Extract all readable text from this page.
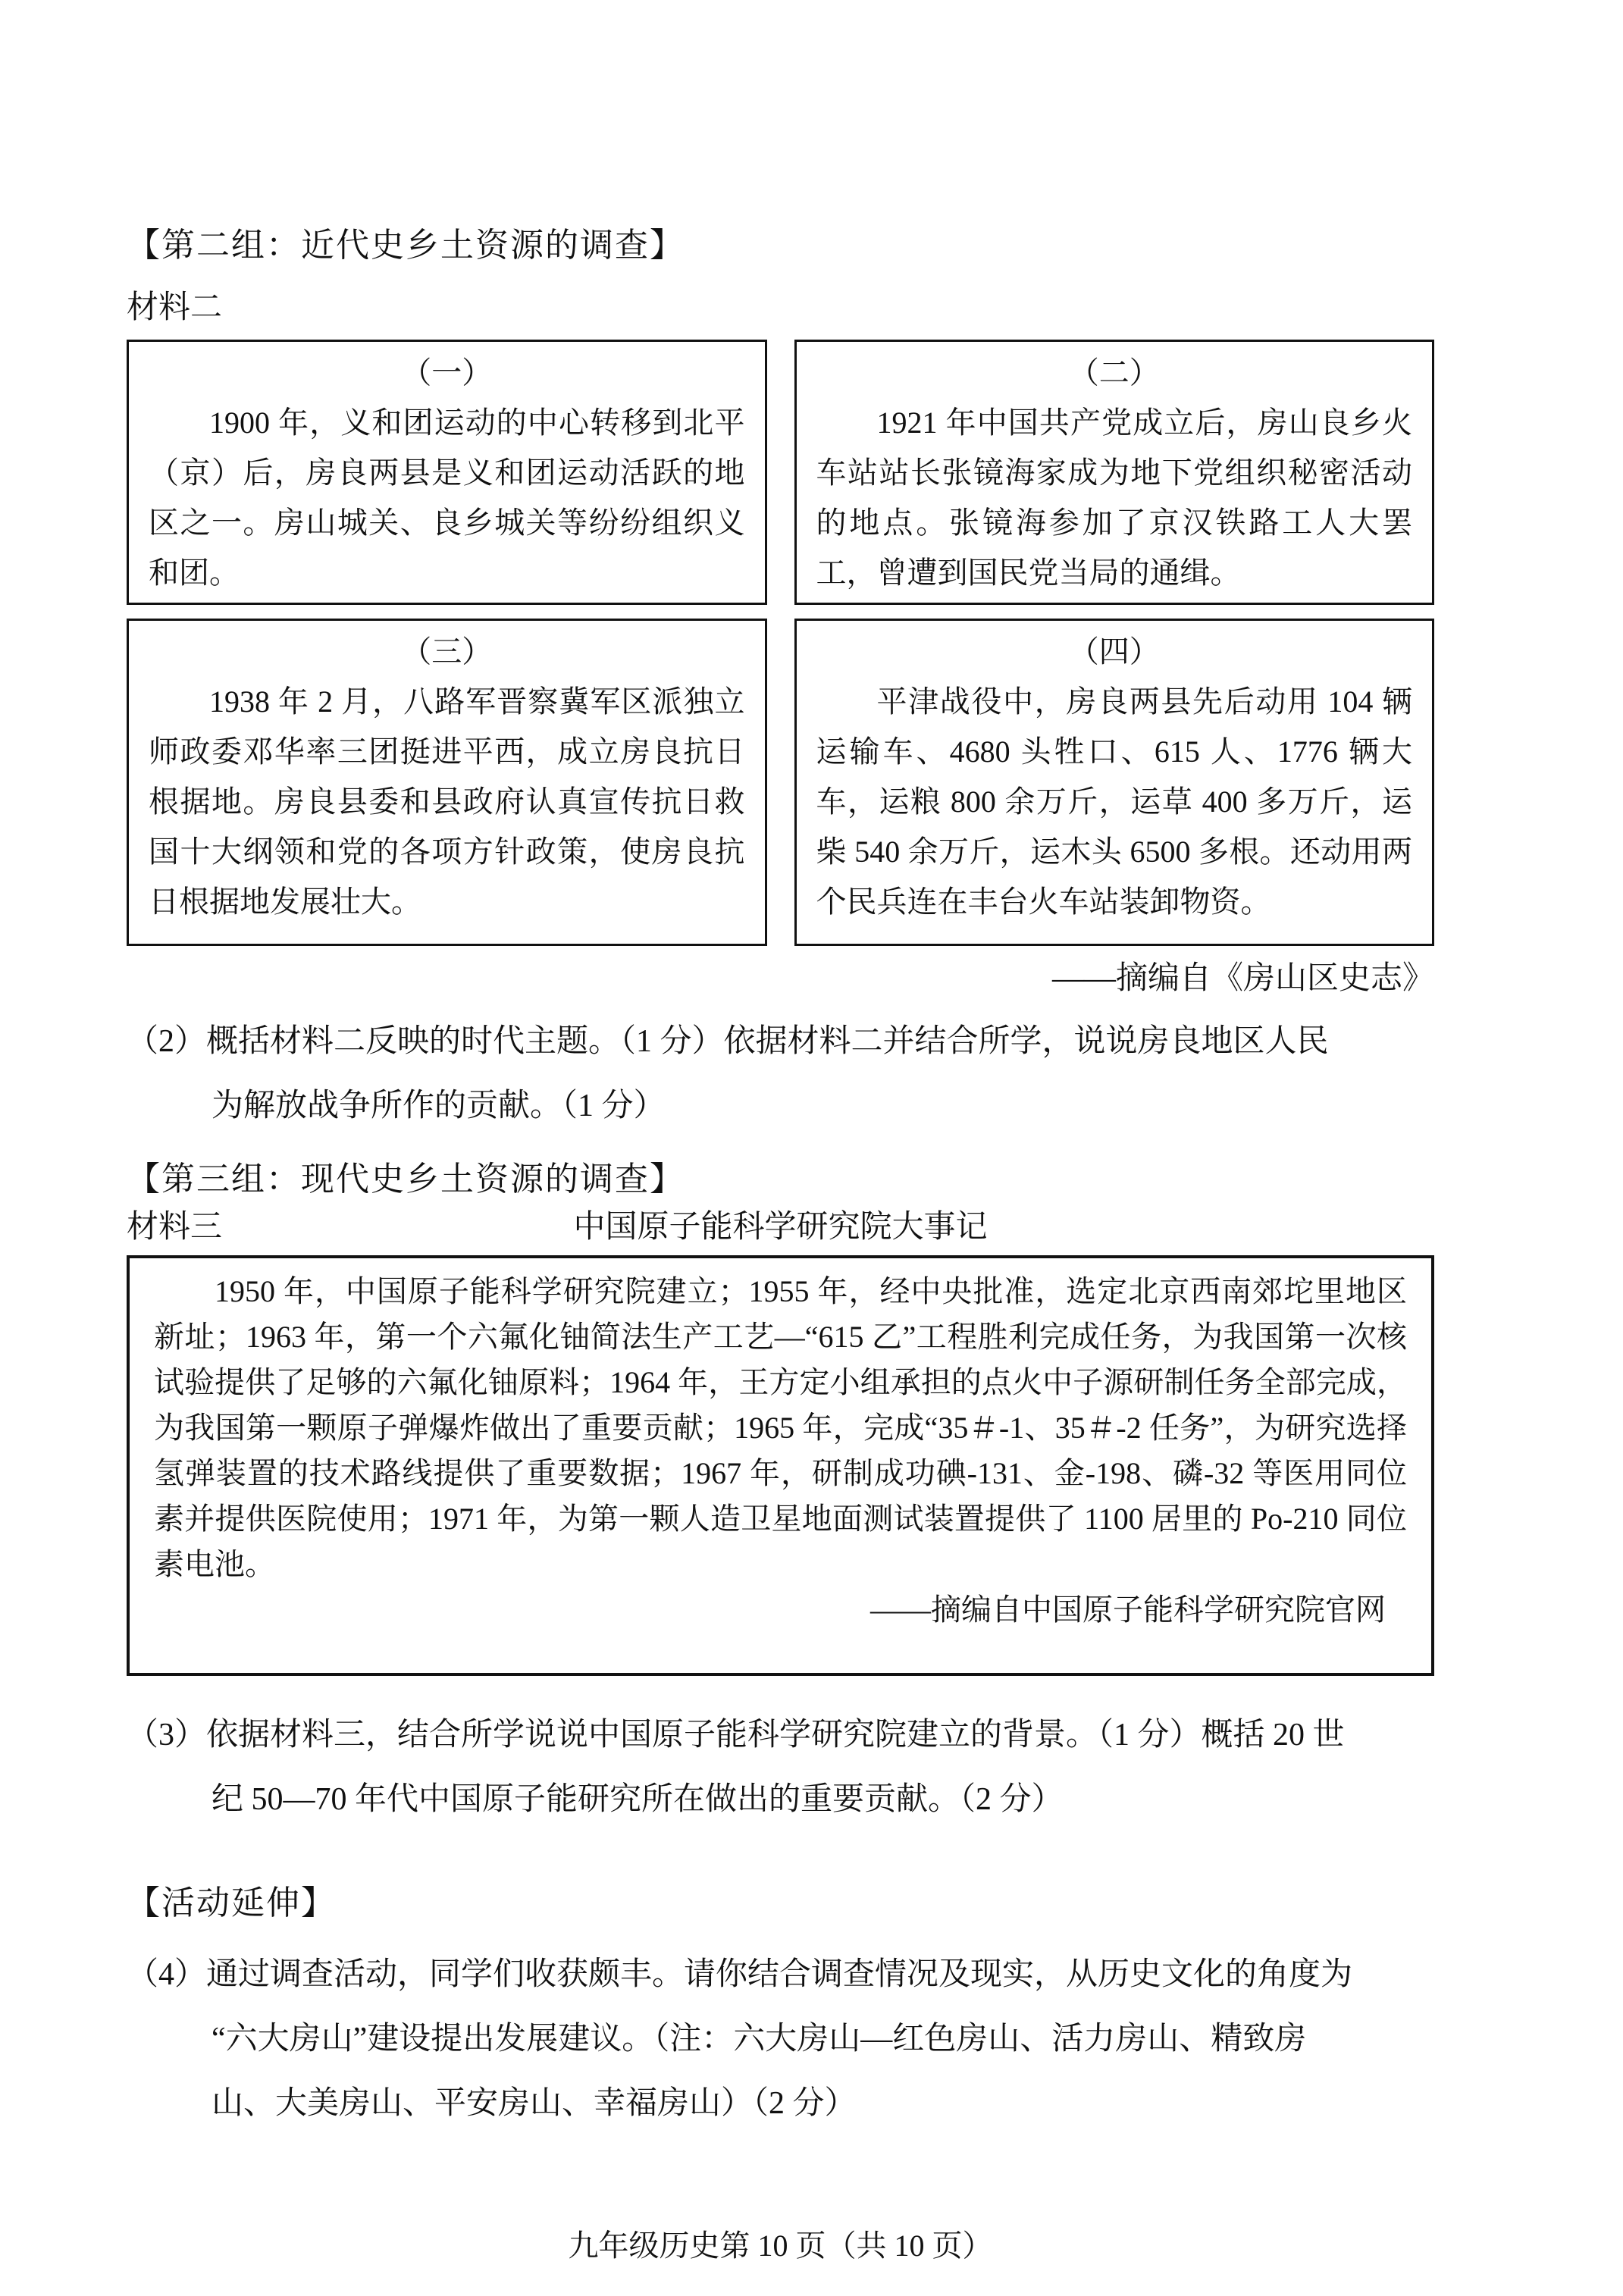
【第二组：近代史乡土资源的调查】
材料二
（一）
1900 年，义和团运动的中心转移到北平（京）后，房良两县是义和团运动活跃的地区之一。房山城关、良乡城关等纷纷组织义和团。
（二）
1921 年中国共产党成立后，房山良乡火车站站长张镜海家成为地下党组织秘密活动的地点。张镜海参加了京汉铁路工人大罢工，曾遭到国民党当局的通缉。
（三）
1938 年 2 月，八路军晋察冀军区派独立师政委邓华率三团挺进平西，成立房良抗日根据地。房良县委和县政府认真宣传抗日救国十大纲领和党的各项方针政策，使房良抗日根据地发展壮大。
（四）
平津战役中，房良两县先后动用 104 辆运输车、4680 头牲口、615 人、1776 辆大车，运粮 800 余万斤，运草 400 多万斤，运柴 540 余万斤，运木头 6500 多根。还动用两个民兵连在丰台火车站装卸物资。
——摘编自《房山区史志》
（2）概括材料二反映的时代主题。（1 分）依据材料二并结合所学，说说房良地区人民
为解放战争所作的贡献。（1 分）
【第三组：现代史乡土资源的调查】
材料三	中国原子能科学研究院大事记
1950 年，中国原子能科学研究院建立；1955 年，经中央批准，选定北京西南郊坨里地区新址；1963 年，第一个六氟化铀简法生产工艺—“615 乙”工程胜利完成任务，为我国第一次核试验提供了足够的六氟化铀原料；1964 年，王方定小组承担的点火中子源研制任务全部完成，为我国第一颗原子弹爆炸做出了重要贡献；1965 年，完成“35＃-1、35＃-2 任务”，为研究选择氢弹装置的技术路线提供了重要数据；1967 年，研制成功碘-131、金-198、磷-32 等医用同位素并提供医院使用；1971 年，为第一颗人造卫星地面测试装置提供了 1100 居里的 Po-210 同位素电池。
——摘编自中国原子能科学研究院官网
（3）依据材料三，结合所学说说中国原子能科学研究院建立的背景。（1 分）概括 20 世
纪 50—70 年代中国原子能研究所在做出的重要贡献。（2 分）
【活动延伸】
（4）通过调查活动，同学们收获颇丰。请你结合调查情况及现实，从历史文化的角度为
“六大房山”建设提出发展建议。（注：六大房山—红色房山、活力房山、精致房
山、大美房山、平安房山、幸福房山）（2 分）
九年级历史第 10 页（共 10 页）
